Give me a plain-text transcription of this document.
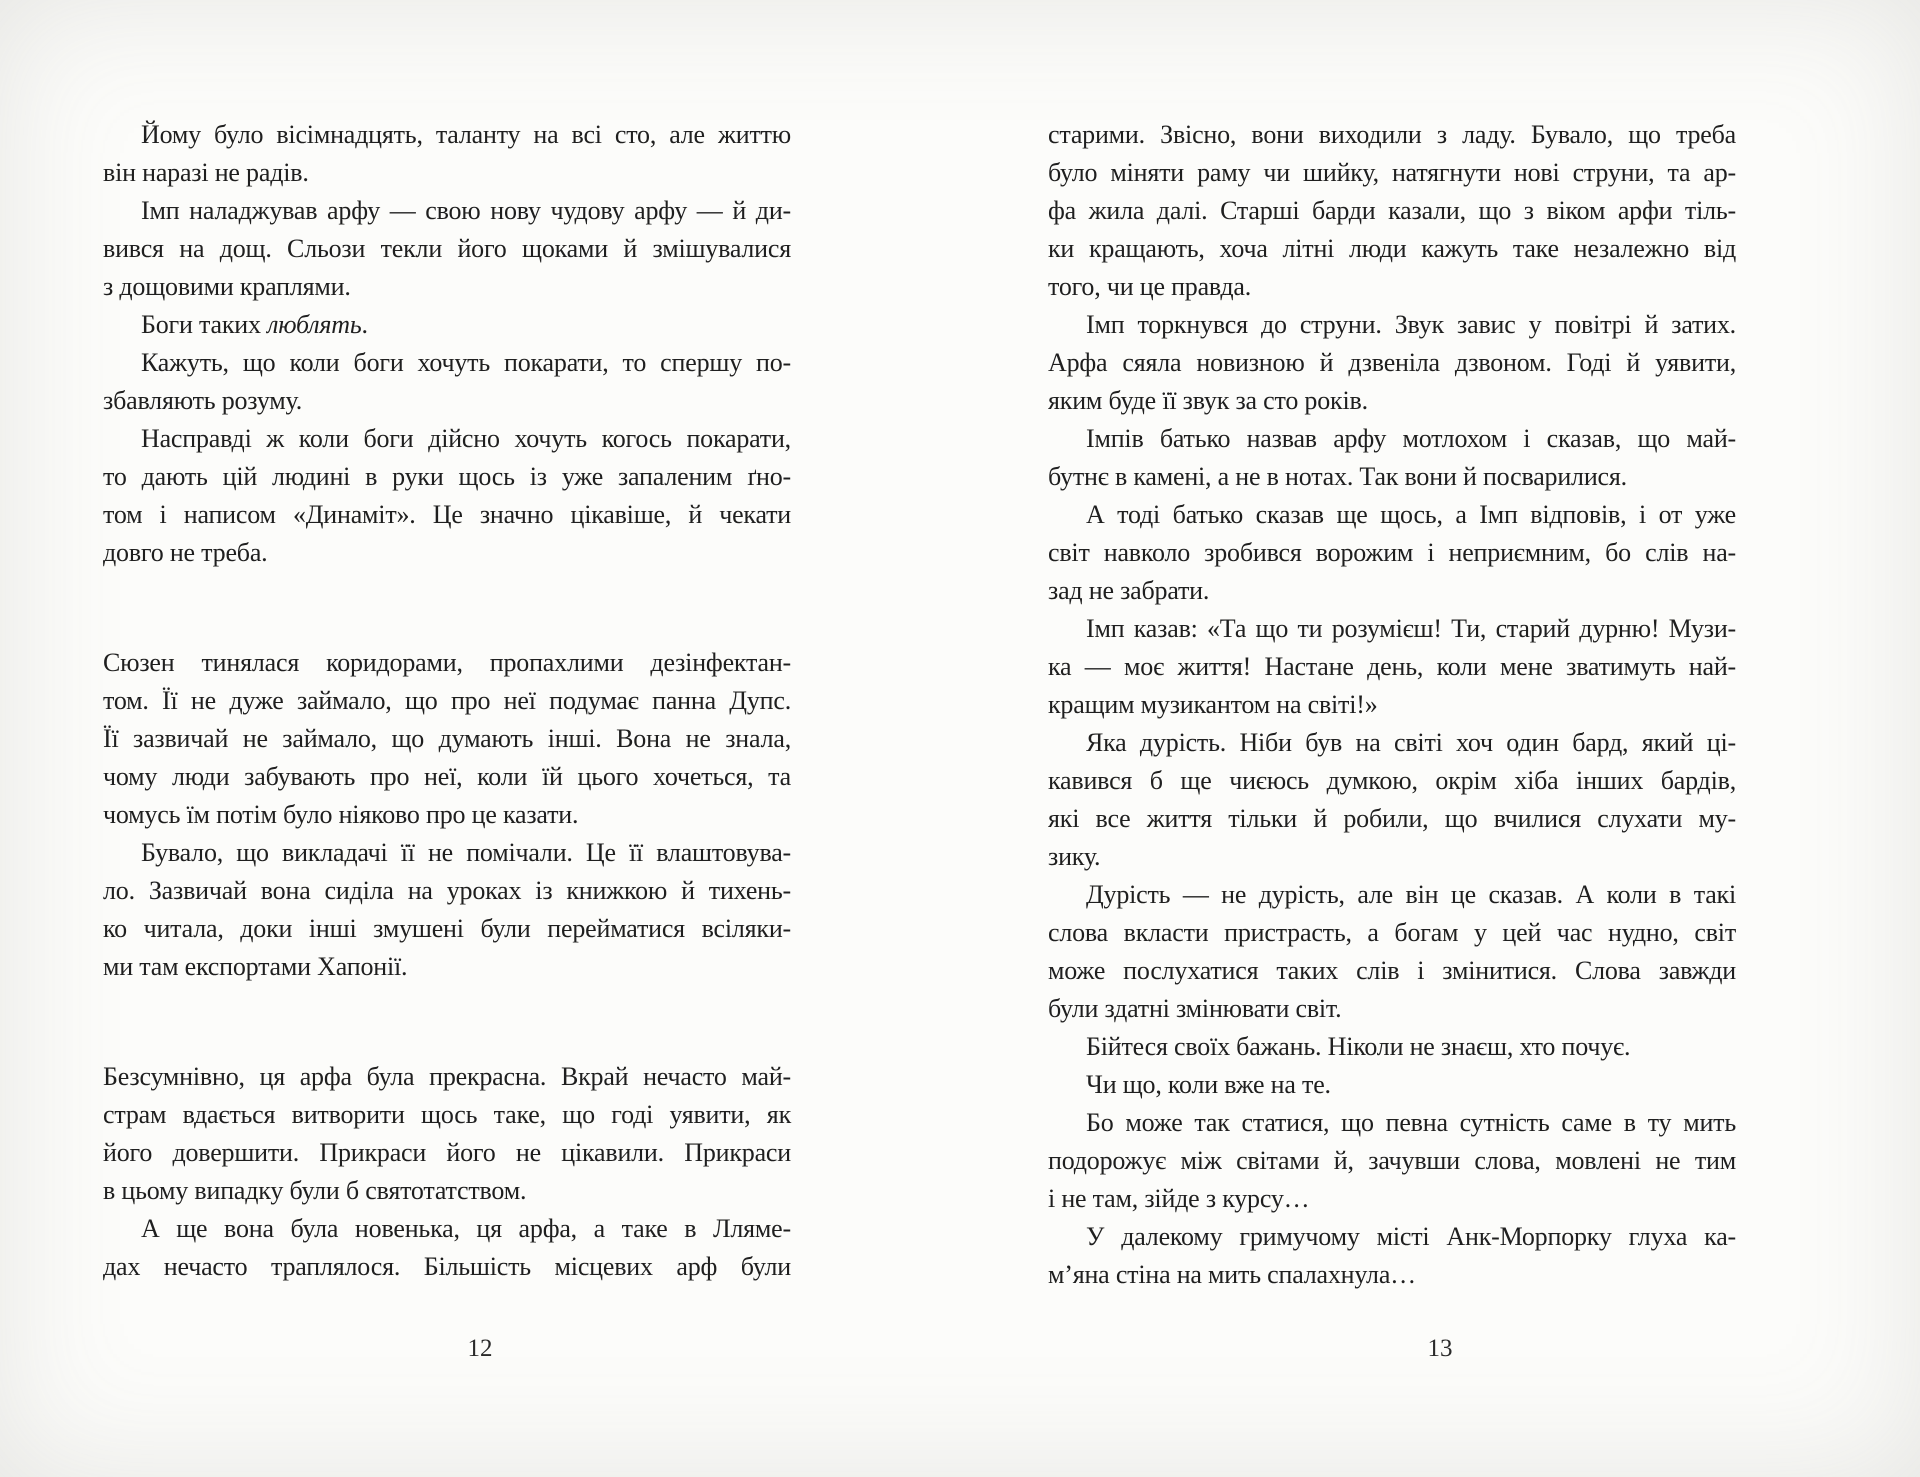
Йому було вісімнадцять, таланту на всі сто, але життю
він наразі не радів.
Імп наладжував арфу — свою нову чудову арфу — й ди-
вився на дощ. Сльози текли його щоками й змішувалися
з дощовими краплями.
Боги таких люблять.
Кажуть, що коли боги хочуть покарати, то спершу по-
збавляють розуму.
Насправді ж коли боги дійсно хочуть когось покарати,
то дають цій людині в руки щось із уже запаленим ґно-
том і написом «Динаміт». Це значно цікавіше, й чекати
довго не треба.
Сюзен тинялася коридорами, пропахлими дезінфектан-
том. Її не дуже займало, що про неї подумає панна Дупс.
Її зазвичай не займало, що думають інші. Вона не знала,
чому люди забувають про неї, коли їй цього хочеться, та
чомусь їм потім було ніяково про це казати.
Бувало, що викладачі її не помічали. Це її влаштовува-
ло. Зазвичай вона сиділа на уроках із книжкою й тихень-
ко читала, доки інші змушені були перейматися всіляки-
ми там експортами Хапонії.
Безсумнівно, ця арфа була прекрасна. Вкрай нечасто май-
страм вдається витворити щось таке, що годі уявити, як
його довершити. Прикраси його не цікавили. Прикраси
в цьому випадку були б святотатством.
А ще вона була новенька, ця арфа, а таке в Лляме-
дах нечасто траплялося. Більшість місцевих арф були
старими. Звісно, вони виходили з ладу. Бувало, що треба
було міняти раму чи шийку, натягнути нові струни, та ар-
фа жила далі. Старші барди казали, що з віком арфи тіль-
ки кращають, хоча літні люди кажуть таке незалежно від
того, чи це правда.
Імп торкнувся до струни. Звук завис у повітрі й затих.
Арфа сяяла новизною й дзвеніла дзвоном. Годі й уявити,
яким буде її звук за сто років.
Імпів батько назвав арфу мотлохом і сказав, що май-
бутнє в камені, а не в нотах. Так вони й посварилися.
А тоді батько сказав ще щось, а Імп відповів, і от уже
світ навколо зробився ворожим і неприємним, бо слів на-
зад не забрати.
Імп казав: «Та що ти розумієш! Ти, старий дурню! Музи-
ка — моє життя! Настане день, коли мене зватимуть най-
кращим музикантом на світі!»
Яка дурість. Ніби був на світі хоч один бард, який ці-
кавився б ще чиєюсь думкою, окрім хіба інших бардів,
які все життя тільки й робили, що вчилися слухати му-
зику.
Дурість — не дурість, але він це сказав. А коли в такі
слова вкласти пристрасть, а богам у цей час нудно, світ
може послухатися таких слів і змінитися. Слова завжди
були здатні змінювати світ.
Бійтеся своїх бажань. Ніколи не знаєш, хто почує.
Чи що, коли вже на те.
Бо може так статися, що певна сутність саме в ту мить
подорожує між світами й, зачувши слова, мовлені не тим
і не там, зійде з курсу…
У далекому гримучому місті Анк-Морпорку глуха ка-
м’яна стіна на мить спалахнула…
12	13
